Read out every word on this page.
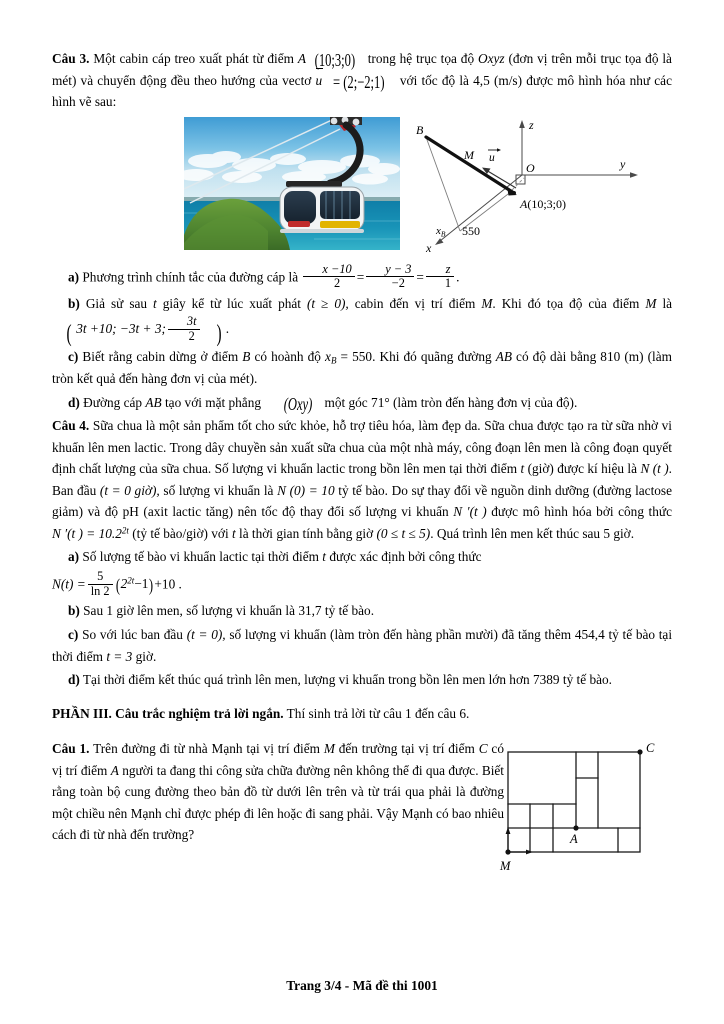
Câu 3. Một cabin cáp treo xuất phát từ điểm A (10;3;0) trong hệ trục tọa độ Oxyz (đơn vị trên mỗi trục tọa độ là mét) và chuyển động đều theo hướng của vectơ u = (2;−2;1) với tốc độ là 4,5 (m/s) được mô hình hóa như các hình vẽ sau:

B
M u
O	y
z
x
A(10;3;0)
$x_B$ 550

a) Phương trình chính tắc của đường cáp là $\frac{x -10}{2} = \frac{y - 3}{-2} = \frac{z}{1}$ .

b) Giả sử sau t giây kể từ lúc xuất phát (t ≥ 0), cabin đến vị trí điểm M. Khi đó tọa độ của điểm M là ( 3t +10; −3t + 3; $\frac{3t}{2}$ ) .

c) Biết rằng cabin dừng ở điểm B có hoành độ $x_B = 550$. Khi đó quãng đường AB có độ dài bằng 810 (m) (làm tròn kết quả đến hàng đơn vị của mét).

d) Đường cáp AB tạo với mặt phẳng (Oxy) một góc 71° (làm tròn đến hàng đơn vị của độ).

Câu 4. Sữa chua là một sản phẩm tốt cho sức khỏe, hỗ trợ tiêu hóa, làm đẹp da. Sữa chua được tạo ra từ sữa nhờ vi khuẩn lên men lactic. Trong dây chuyền sản xuất sữa chua của một nhà máy, công đoạn lên men là công đoạn quyết định chất lượng của sữa chua. Số lượng vi khuẩn lactic trong bồn lên men tại thời điểm t (giờ) được kí hiệu là N (t ). Ban đầu (t = 0 giờ), số lượng vi khuẩn là N (0) = 10 tỷ tế bào. Do sự thay đổi về nguồn dinh dưỡng (đường lactose giảm) và độ pH (axit lactic tăng) nên tốc độ thay đổi số lượng vi khuẩn N ′(t ) được mô hình hóa bởi công thức N ′(t ) = $10.2^{2t}$ (tỷ tế bào/giờ) với t là thời gian tính bằng giờ (0 ≤ t ≤ 5). Quá trình lên men kết thúc sau 5 giờ.

a) Số lượng tế bào vi khuẩn lactic tại thời điểm t được xác định bởi công thức

$N(t) = \frac{5}{\ln 2} (2^{2t}-1)+10$ .

b) Sau 1 giờ lên men, số lượng vi khuẩn là 31,7 tỷ tế bào.

c) So với lúc ban đầu (t = 0), số lượng vi khuẩn (làm tròn đến hàng phần mười) đã tăng thêm 454,4 tỷ tế bào tại thời điểm t = 3 giờ.

d) Tại thời điểm kết thúc quá trình lên men, lượng vi khuẩn trong bồn lên men lớn hơn 7389 tỷ tế bào.

PHẦN III. Câu trắc nghiệm trả lời ngắn. Thí sinh trả lời từ câu 1 đến câu 6.

Câu 1. Trên đường đi từ nhà Mạnh tại vị trí điểm M đến trường tại vị trí điểm C có vị trí điểm A người ta đang thi công sửa chữa đường nên không thể đi qua được. Biết rằng toàn bộ cung đường theo bản đồ từ dưới lên trên và từ trái qua phải là đường một chiều nên Mạnh chỉ được phép đi lên hoặc đi sang phải. Vậy Mạnh có bao nhiêu cách đi từ nhà đến trường?
M
A
C
Trang 3/4 - Mã đề thi 1001
